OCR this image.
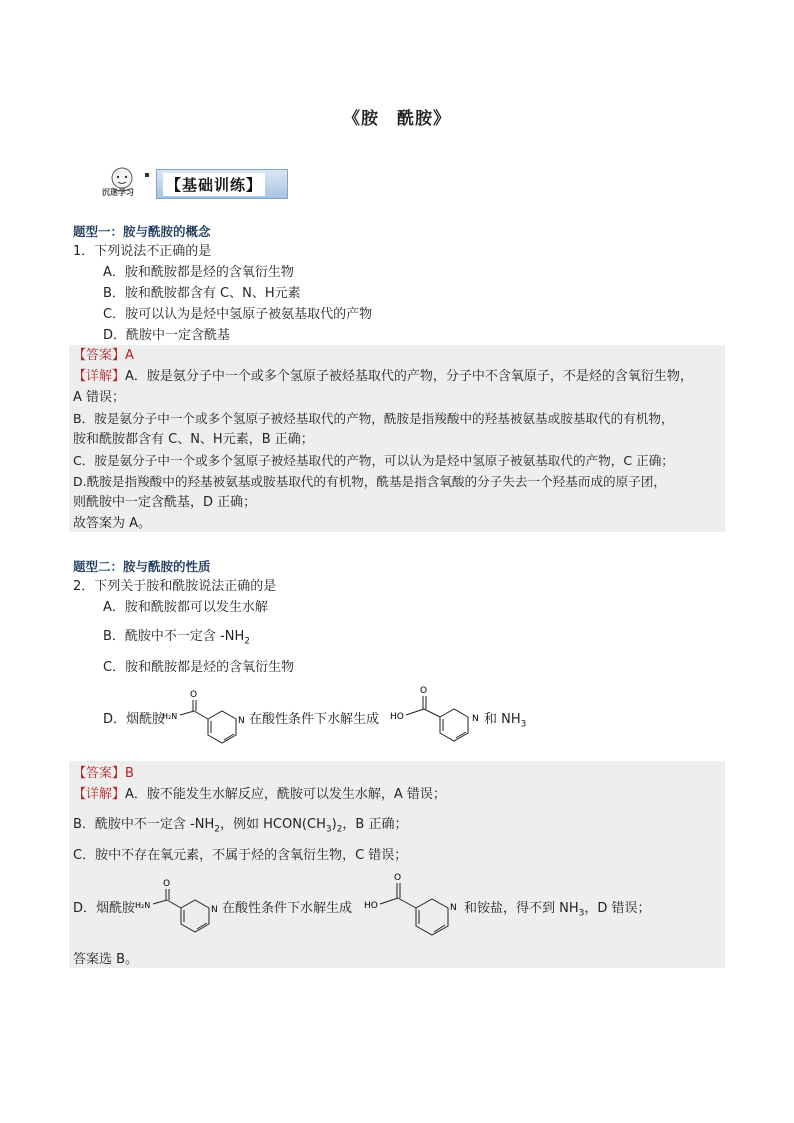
《胺　酰胺》
沉迷学习 【基础训练】
题型一：胺与酰胺的概念
1．下列说法不正确的是
A．胺和酰胺都是烃的含氧衍生物
B．胺和酰胺都含有 C、N、H元素
C．胺可以认为是烃中氢原子被氨基取代的产物
D．酰胺中一定含酰基
【答案】A
【详解】A．胺是氨分子中一个或多个氢原子被烃基取代的产物，分子中不含氧原子，不是烃的含氧衍生物，
A 错误；
B．胺是氨分子中一个或多个氢原子被烃基取代的产物，酰胺是指羧酸中的羟基被氨基或胺基取代的有机物，
胺和酰胺都含有 C、N、H元素，B 正确；
C．胺是氨分子中一个或多个氢原子被烃基取代的产物，可以认为是烃中氢原子被氨基取代的产物，C 正确；
D.酰胺是指羧酸中的羟基被氨基或胺基取代的有机物，酰基是指含氧酸的分子失去一个羟基而成的原子团，
则酰胺中一定含酰基，D 正确；
故答案为 A。
题型二：胺与酰胺的性质
2．下列关于胺和酰胺说法正确的是
A．胺和酰胺都可以发生水解
B．酰胺中不一定含 $-NH_2$
C．胺和酰胺都是烃的含氧衍生物
D．烟酰胺
O
H₂N	N 在酸性条件下水解生成
O
HO	N 和 $NH_3$
【答案】B
【详解】A．胺不能发生水解反应，酰胺可以发生水解，A 错误；
B．酰胺中不一定含 $-NH_2$，例如 $HCON(CH_3)_2$，B 正确；
C．胺中不存在氧元素，不属于烃的含氧衍生物，C 错误；
D．烟酰胺
O
H₂N	N 在酸性条件下水解生成
O
HO	N 和铵盐，得不到 $NH_3$，D 错误；
答案选 B。
